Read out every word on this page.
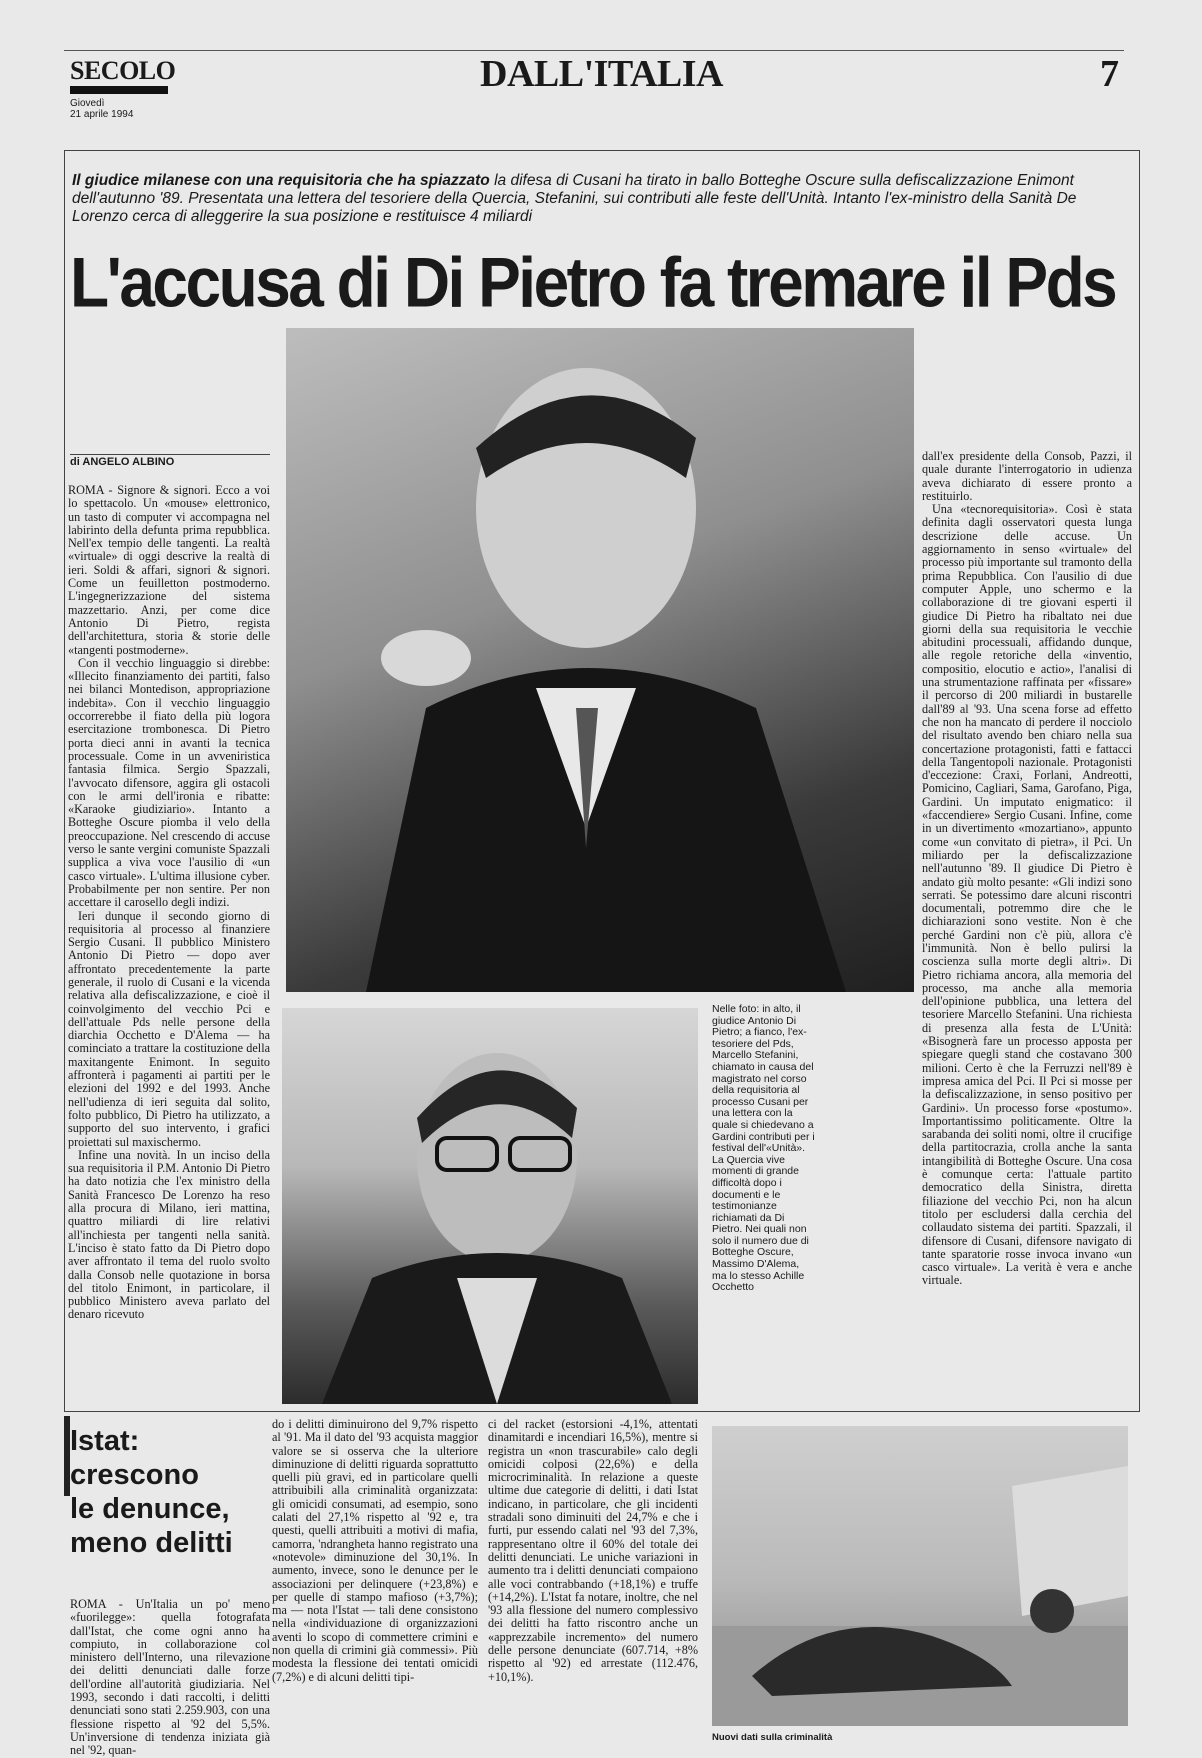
SECOLO
Giovedì
21 aprile 1994
DALL'ITALIA	7
Il giudice milanese con una requisitoria che ha spiazzato la difesa di Cusani ha tirato in ballo Botteghe Oscure sulla defiscalizzazione Enimont dell'autunno '89. Presentata una lettera del tesoriere della Quercia, Stefanini, sui contributi alle feste dell'Unità. Intanto l'ex-ministro della Sanità De Lorenzo cerca di alleggerire la sua posizione e restituisce 4 miliardi
L'accusa di Di Pietro fa tremare il Pds
di ANGELO ALBINO

ROMA - Signore & signori. Ecco a voi lo spettacolo. Un «mouse» elettronico, un tasto di computer vi accompagna nel labirinto della defunta prima repubblica. Nell'ex tempio delle tangenti. La realtà «virtuale» di oggi descrive la realtà di ieri. Soldi & affari, signori & signori. Come un feuilletton postmoderno. L'ingegnerizzazione del sistema mazzettario. Anzi, per come dice Antonio Di Pietro, regista dell'architettura, storia & storie delle «tangenti postmoderne».

Con il vecchio linguaggio si direbbe: «Illecito finanziamento dei partiti, falso nei bilanci Montedison, appropriazione indebita». Con il vecchio linguaggio occorrerebbe il fiato della più logora esercitazione trombonesca. Di Pietro porta dieci anni in avanti la tecnica processuale. Come in un avveniristica fantasia filmica. Sergio Spazzali, l'avvocato difensore, aggira gli ostacoli con le armi dell'ironia e ribatte: «Karaoke giudiziario». Intanto a Botteghe Oscure piomba il velo della preoccupazione. Nel crescendo di accuse verso le sante vergini comuniste Spazzali supplica a viva voce l'ausilio di «un casco virtuale». L'ultima illusione cyber. Probabilmente per non sentire. Per non accettare il carosello degli indizi.

Ieri dunque il secondo giorno di requisitoria al processo al finanziere Sergio Cusani. Il pubblico Ministero Antonio Di Pietro — dopo aver affrontato precedentemente la parte generale, il ruolo di Cusani e la vicenda relativa alla defiscalizzazione, e cioè il coinvolgimento del vecchio Pci e dell'attuale Pds nelle persone della diarchia Occhetto e D'Alema — ha cominciato a trattare la costituzione della maxitangente Enimont. In seguito affronterà i pagamenti ai partiti per le elezioni del 1992 e del 1993. Anche nell'udienza di ieri seguita dal solito, folto pubblico, Di Pietro ha utilizzato, a supporto del suo intervento, i grafici proiettati sul maxischermo.

Infine una novità. In un inciso della sua requisitoria il P.M. Antonio Di Pietro ha dato notizia che l'ex ministro della Sanità Francesco De Lorenzo ha reso alla procura di Milano, ieri mattina, quattro miliardi di lire relativi all'inchiesta per tangenti nella sanità. L'inciso è stato fatto da Di Pietro dopo aver affrontato il tema del ruolo svolto dalla Consob nelle quotazione in borsa del titolo Enimont, in particolare, il pubblico Ministero aveva parlato del denaro ricevuto

Nelle foto: in alto, il giudice Antonio Di Pietro; a fianco, l'ex-tesoriere del Pds, Marcello Stefanini, chiamato in causa del magistrato nel corso della requisitoria al processo Cusani per una lettera con la quale si chiedevano a Gardini contributi per i festival dell'«Unità». La Quercia vive momenti di grande difficoltà dopo i documenti e le testimonianze richiamati da Di Pietro. Nei quali non solo il numero due di Botteghe Oscure, Massimo D'Alema, ma lo stesso Achille Occhetto

dall'ex presidente della Consob, Pazzi, il quale durante l'interrogatorio in udienza aveva dichiarato di essere pronto a restituirlo.

Una «tecnorequisitoria». Così è stata definita dagli osservatori questa lunga descrizione delle accuse. Un aggiornamento in senso «virtuale» del processo più importante sul tramonto della prima Repubblica. Con l'ausilio di due computer Apple, uno schermo e la collaborazione di tre giovani esperti il giudice Di Pietro ha ribaltato nei due giorni della sua requisitoria le vecchie abitudini processuali, affidando dunque, alle regole retoriche della «inventio, compositio, elocutio e actio», l'analisi di una strumentazione raffinata per «fissare» il percorso di 200 miliardi in bustarelle dall'89 al '93. Una scena forse ad effetto che non ha mancato di perdere il nocciolo del risultato avendo ben chiaro nella sua concertazione protagonisti, fatti e fattacci della Tangentopoli nazionale. Protagonisti d'eccezione: Craxi, Forlani, Andreotti, Pomicino, Cagliari, Sama, Garofano, Piga, Gardini. Un imputato enigmatico: il «faccendiere» Sergio Cusani. Infine, come in un divertimento «mozartiano», appunto come «un convitato di pietra», il Pci. Un miliardo per la defiscalizzazione nell'autunno '89. Il giudice Di Pietro è andato giù molto pesante: «Gli indizi sono serrati. Se potessimo dare alcuni riscontri documentali, potremmo dire che le dichiarazioni sono vestite. Non è che perché Gardini non c'è più, allora c'è l'immunità. Non è bello pulirsi la coscienza sulla morte degli altri». Di Pietro richiama ancora, alla memoria del processo, ma anche alla memoria dell'opinione pubblica, una lettera del tesoriere Marcello Stefanini. Una richiesta di presenza alla festa de L'Unità: «Bisognerà fare un processo apposta per spiegare quegli stand che costavano 300 milioni. Certo è che la Ferruzzi nell'89 è impresa amica del Pci. Il Pci si mosse per la defiscalizzazione, in senso positivo per Gardini». Un processo forse «postumo». Importantissimo politicamente. Oltre la sarabanda dei soliti nomi, oltre il crucifige della partitocrazia, crolla anche la santa intangibilità di Botteghe Oscure. Una cosa è comunque certa: l'attuale partito democratico della Sinistra, diretta filiazione del vecchio Pci, non ha alcun titolo per escludersi dalla cerchia del collaudato sistema dei partiti. Spazzali, il difensore di Cusani, difensore navigato di tante sparatorie rosse invoca invano «un casco virtuale». La verità è vera e anche virtuale.

Istat:
crescono
le denunce,
meno delitti

ROMA - Un'Italia un po' meno «fuorilegge»: quella fotografata dall'Istat, che come ogni anno ha compiuto, in collaborazione col ministero dell'Interno, una rilevazione dei delitti denunciati dalle forze dell'ordine all'autorità giudiziaria. Nel 1993, secondo i dati raccolti, i delitti denunciati sono stati 2.259.903, con una flessione rispetto al '92 del 5,5%. Un'inversione di tendenza iniziata già nel '92, quan-

do i delitti diminuirono del 9,7% rispetto al '91. Ma il dato del '93 acquista maggior valore se si osserva che la ulteriore diminuzione di delitti riguarda soprattutto quelli più gravi, ed in particolare quelli attribuibili alla criminalità organizzata: gli omicidi consumati, ad esempio, sono calati del 27,1% rispetto al '92 e, tra questi, quelli attribuiti a motivi di mafia, camorra, 'ndrangheta hanno registrato una «notevole» diminuzione del 30,1%. In aumento, invece, sono le denunce per le associazioni per delinquere (+23,8%) e per quelle di stampo mafioso (+3,7%); ma — nota l'Istat — tali dene consistono nella «individuazione di organizzazioni aventi lo scopo di commettere crimini e non quella di crimini già commessi». Più modesta la flessione dei tentati omicidi (7,2%) e di alcuni delitti tipi-

ci del racket (estorsioni -4,1%, attentati dinamitardi e incendiari 16,5%), mentre si registra un «non trascurabile» calo degli omicidi colposi (22,6%) e della microcriminalità. In relazione a queste ultime due categorie di delitti, i dati Istat indicano, in particolare, che gli incidenti stradali sono diminuiti del 24,7% e che i furti, pur essendo calati nel '93 del 7,3%, rappresentano oltre il 60% del totale dei delitti denunciati. Le uniche variazioni in aumento tra i delitti denunciati compaiono alle voci contrabbando (+18,1%) e truffe (+14,2%). L'Istat fa notare, inoltre, che nel '93 alla flessione del numero complessivo dei delitti ha fatto riscontro anche un «apprezzabile incremento» del numero delle persone denunciate (607.714, +8% rispetto al '92) ed arrestate (112.476, +10,1%).

Nuovi dati sulla criminalità
